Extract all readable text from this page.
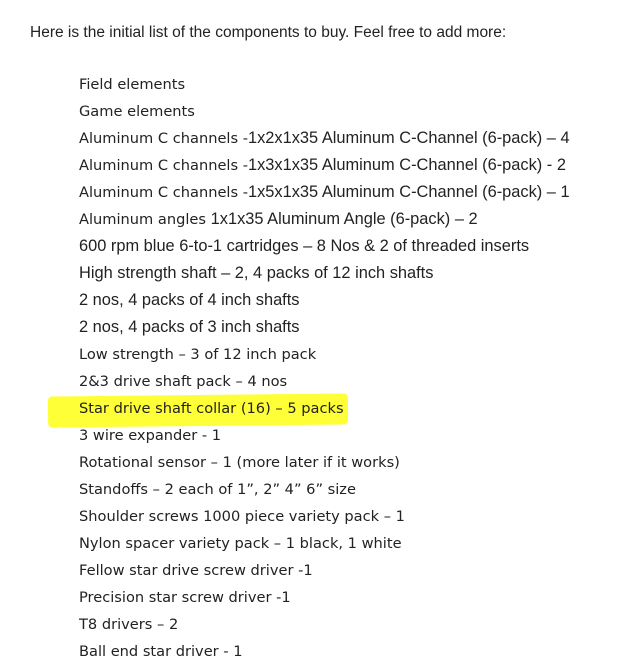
Here is the initial list of the components to buy. Feel free to add more:
Field elements
Game elements
Aluminum C channels -1x2x1x35 Aluminum C-Channel (6-pack) – 4
Aluminum C channels -1x3x1x35 Aluminum C-Channel (6-pack) - 2
Aluminum C channels -1x5x1x35 Aluminum C-Channel (6-pack) – 1
Aluminum angles 1x1x35 Aluminum Angle (6-pack) – 2
600 rpm blue 6-to-1 cartridges – 8 Nos & 2 of threaded inserts
High strength shaft – 2, 4 packs of 12 inch shafts
2 nos, 4 packs of 4 inch shafts
2 nos, 4 packs of 3 inch shafts
Low strength – 3 of 12 inch pack
2&3 drive shaft pack – 4 nos
Star drive shaft collar (16) – 5 packs
3 wire expander - 1
Rotational sensor – 1 (more later if it works)
Standoffs – 2 each of 1”, 2” 4” 6” size
Shoulder screws 1000 piece variety pack – 1
Nylon spacer variety pack – 1 black, 1 white
Fellow star drive screw driver -1
Precision star screw driver -1
T8 drivers – 2
Ball end star driver - 1
